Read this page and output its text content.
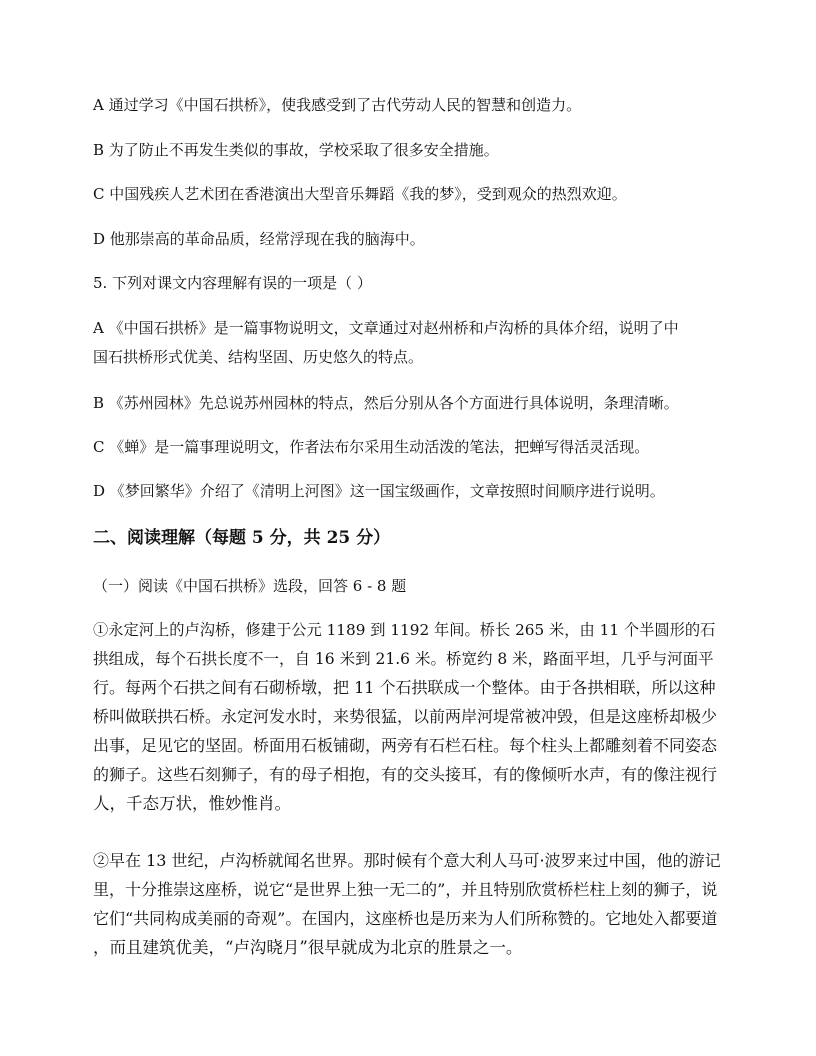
A 通过学习《中国石拱桥》，使我感受到了古代劳动人民的智慧和创造力。
B 为了防止不再发生类似的事故，学校采取了很多安全措施。
C 中国残疾人艺术团在香港演出大型音乐舞蹈《我的梦》，受到观众的热烈欢迎。
D 他那崇高的革命品质，经常浮现在我的脑海中。
5. 下列对课文内容理解有误的一项是（ ）
A 《中国石拱桥》是一篇事物说明文，文章通过对赵州桥和卢沟桥的具体介绍，说明了中
国石拱桥形式优美、结构坚固、历史悠久的特点。
B 《苏州园林》先总说苏州园林的特点，然后分别从各个方面进行具体说明，条理清晰。
C 《蝉》是一篇事理说明文，作者法布尔采用生动活泼的笔法，把蝉写得活灵活现。
D 《梦回繁华》介绍了《清明上河图》这一国宝级画作，文章按照时间顺序进行说明。
二、阅读理解（每题 5 分，共 25 分）
（一）阅读《中国石拱桥》选段，回答 6 - 8 题
①永定河上的卢沟桥，修建于公元 1189 到 1192 年间。桥长 265 米，由 11 个半圆形的石
拱组成，每个石拱长度不一，自 16 米到 21.6 米。桥宽约 8 米，路面平坦，几乎与河面平
行。每两个石拱之间有石砌桥墩，把 11 个石拱联成一个整体。由于各拱相联，所以这种
桥叫做联拱石桥。永定河发水时，来势很猛，以前两岸河堤常被冲毁，但是这座桥却极少
出事，足见它的坚固。桥面用石板铺砌，两旁有石栏石柱。每个柱头上都雕刻着不同姿态
的狮子。这些石刻狮子，有的母子相抱，有的交头接耳，有的像倾听水声，有的像注视行
人，千态万状，惟妙惟肖。
②早在 13 世纪，卢沟桥就闻名世界。那时候有个意大利人马可·波罗来过中国，他的游记
里，十分推崇这座桥，说它“是世界上独一无二的”，并且特别欣赏桥栏柱上刻的狮子，说
它们“共同构成美丽的奇观”。在国内，这座桥也是历来为人们所称赞的。它地处入都要道
，而且建筑优美，“卢沟晓月”很早就成为北京的胜景之一。
